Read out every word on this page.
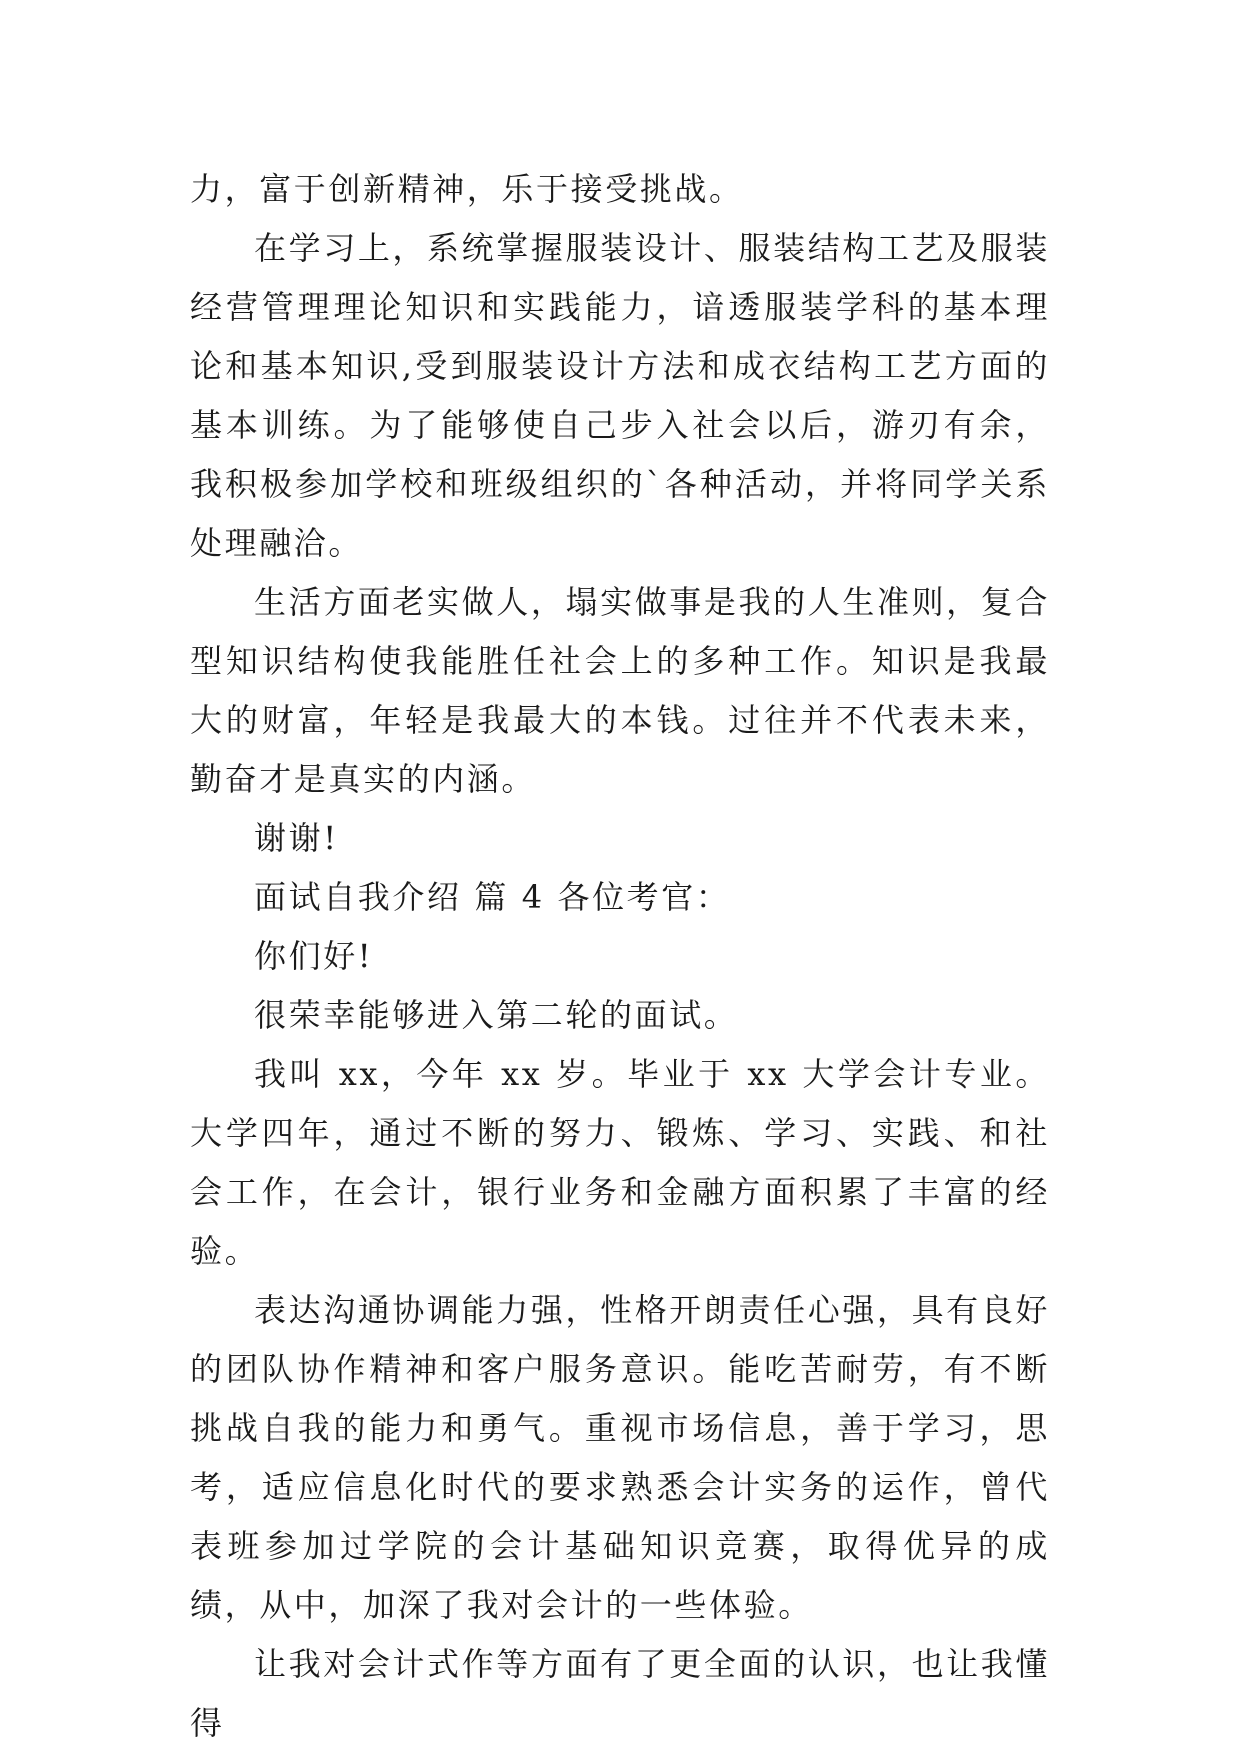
力，富于创新精神，乐于接受挑战。

在学习上，系统掌握服装设计、服装结构工艺及服装经营管理理论知识和实践能力，谙透服装学科的基本理论和基本知识,受到服装设计方法和成衣结构工艺方面的基本训练。为了能够使自己步入社会以后，游刃有余，我积极参加学校和班级组织的`各种活动，并将同学关系处理融洽。

生活方面老实做人，塌实做事是我的人生准则，复合型知识结构使我能胜任社会上的多种工作。知识是我最大的财富，年轻是我最大的本钱。过往并不代表未来，勤奋才是真实的内涵。

谢谢!

面试自我介绍 篇 4 各位考官：

你们好!

很荣幸能够进入第二轮的面试。

我叫 xx，今年 xx 岁。毕业于 xx 大学会计专业。大学四年，通过不断的努力、锻炼、学习、实践、和社会工作，在会计，银行业务和金融方面积累了丰富的经验。

表达沟通协调能力强，性格开朗责任心强，具有良好的团队协作精神和客户服务意识。能吃苦耐劳，有不断挑战自我的能力和勇气。重视市场信息，善于学习，思考，适应信息化时代的要求熟悉会计实务的运作，曾代表班参加过学院的会计基础知识竞赛，取得优异的成绩，从中，加深了我对会计的一些体验。

让我对会计式作等方面有了更全面的认识，也让我懂得
